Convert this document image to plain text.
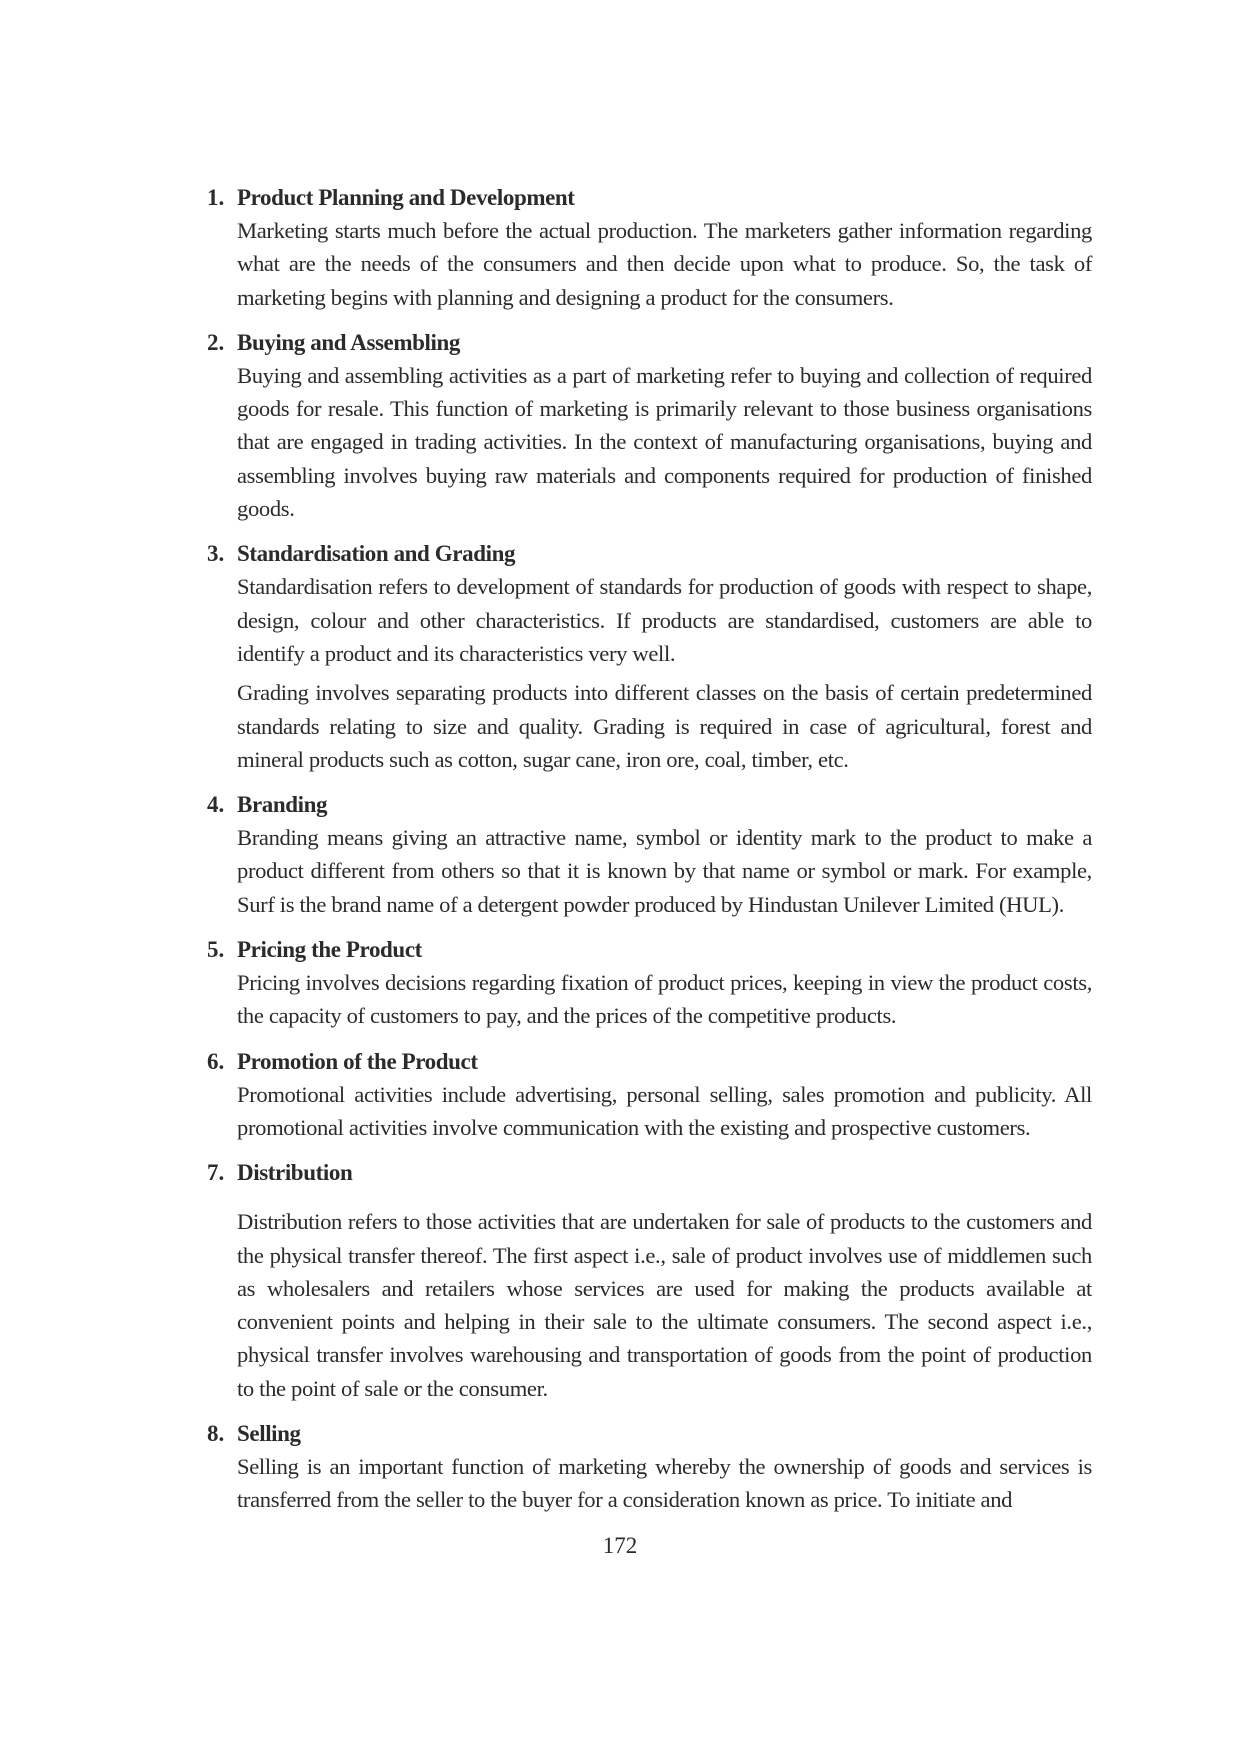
1. Product Planning and Development

Marketing starts much before the actual production. The marketers gather information regarding what are the needs of the consumers and then decide upon what to produce. So, the task of marketing begins with planning and designing a product for the consumers.

2. Buying and Assembling

Buying and assembling activities as a part of marketing refer to buying and collection of required goods for resale. This function of marketing is primarily relevant to those business organisations that are engaged in trading activities. In the context of manufacturing organisations, buying and assembling involves buying raw materials and components required for production of finished goods.

3. Standardisation and Grading

Standardisation refers to development of standards for production of goods with respect to shape, design, colour and other characteristics. If products are standardised, customers are able to identify a product and its characteristics very well.

Grading involves separating products into different classes on the basis of certain predetermined standards relating to size and quality. Grading is required in case of agricultural, forest and mineral products such as cotton, sugar cane, iron ore, coal, timber, etc.

4. Branding

Branding means giving an attractive name, symbol or identity mark to the product to make a product different from others so that it is known by that name or symbol or mark. For example, Surf is the brand name of a detergent powder produced by Hindustan Unilever Limited (HUL).

5. Pricing the Product

Pricing involves decisions regarding fixation of product prices, keeping in view the product costs, the capacity of customers to pay, and the prices of the competitive products.

6. Promotion of the Product

Promotional activities include advertising, personal selling, sales promotion and publicity. All promotional activities involve communication with the existing and prospective customers.

7. Distribution

Distribution refers to those activities that are undertaken for sale of products to the customers and the physical transfer thereof. The first aspect i.e., sale of product involves use of middlemen such as wholesalers and retailers whose services are used for making the products available at convenient points and helping in their sale to the ultimate consumers. The second aspect i.e., physical transfer involves warehousing and transportation of goods from the point of production to the point of sale or the consumer.

8. Selling

Selling is an important function of marketing whereby the ownership of goods and services is transferred from the seller to the buyer for a consideration known as price. To initiate and

172
